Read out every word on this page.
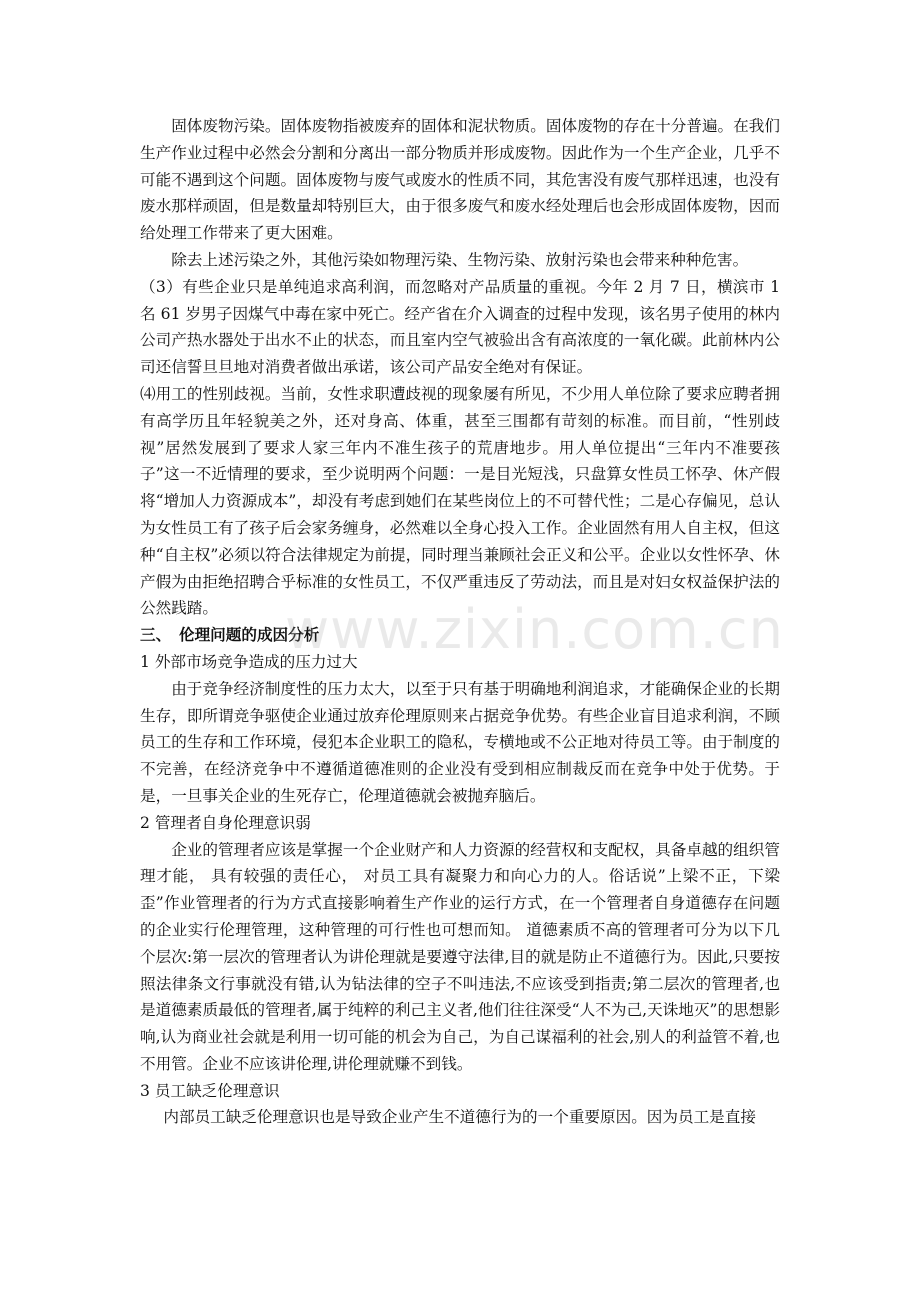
固体废物污染。固体废物指被废弃的固体和泥状物质。固体废物的存在十分普遍。在我们生产作业过程中必然会分割和分离出一部分物质并形成废物。因此作为一个生产企业，几乎不可能不遇到这个问题。固体废物与废气或废水的性质不同，其危害没有废气那样迅速，也没有废水那样顽固，但是数量却特别巨大，由于很多废气和废水经处理后也会形成固体废物，因而给处理工作带来了更大困难。

除去上述污染之外，其他污染如物理污染、生物污染、放射污染也会带来种种危害。

（3）有些企业只是单纯追求高利润，而忽略对产品质量的重视。今年 2 月 7 日，横滨市 1 名 61 岁男子因煤气中毒在家中死亡。经产省在介入调查的过程中发现，该名男子使用的林内公司产热水器处于出水不止的状态，而且室内空气被验出含有高浓度的一氧化碳。此前林内公司还信誓旦旦地对消费者做出承诺，该公司产品安全绝对有保证。

⑷用工的性别歧视。当前，女性求职遭歧视的现象屡有所见，不少用人单位除了要求应聘者拥有高学历且年轻貌美之外，还对身高、体重，甚至三围都有苛刻的标准。而目前，“性别歧视”居然发展到了要求人家三年内不准生孩子的荒唐地步。用人单位提出“三年内不准要孩子”这一不近情理的要求，至少说明两个问题：一是目光短浅，只盘算女性员工怀孕、休产假将“增加人力资源成本”，却没有考虑到她们在某些岗位上的不可替代性；二是心存偏见，总认为女性员工有了孩子后会家务缠身，必然难以全身心投入工作。企业固然有用人自主权，但这种“自主权”必须以符合法律规定为前提，同时理当兼顾社会正义和公平。企业以女性怀孕、休产假为由拒绝招聘合乎标准的女性员工，不仅严重违反了劳动法，而且是对妇女权益保护法的公然践踏。

三、　伦理问题的成因分析

1 外部市场竞争造成的压力过大

由于竞争经济制度性的压力太大，以至于只有基于明确地利润追求，才能确保企业的长期生存，即所谓竞争驱使企业通过放弃伦理原则来占据竞争优势。有些企业盲目追求利润，不顾员工的生存和工作环境，侵犯本企业职工的隐私，专横地或不公正地对待员工等。由于制度的不完善，在经济竞争中不遵循道德准则的企业没有受到相应制裁反而在竞争中处于优势。于是，一旦事关企业的生死存亡，伦理道德就会被抛弃脑后。

2 管理者自身伦理意识弱

企业的管理者应该是掌握一个企业财产和人力资源的经营权和支配权，具备卓越的组织管理才能， 具有较强的责任心， 对员工具有凝聚力和向心力的人。俗话说”上梁不正，下梁歪”作业管理者的行为方式直接影响着生产作业的运行方式，在一个管理者自身道德存在问题的企业实行伦理管理，这种管理的可行性也可想而知。 道德素质不高的管理者可分为以下几个层次:第一层次的管理者认为讲伦理就是要遵守法律,目的就是防止不道德行为。因此,只要按照法律条文行事就没有错,认为钻法律的空子不叫违法,不应该受到指责;第二层次的管理者,也是道德素质最低的管理者,属于纯粹的利己主义者,他们往往深受“人不为己,天诛地灭”的思想影响,认为商业社会就是利用一切可能的机会为自己，为自己谋福利的社会,别人的利益管不着,也不用管。企业不应该讲伦理,讲伦理就赚不到钱。

3 员工缺乏伦理意识

内部员工缺乏伦理意识也是导致企业产生不道德行为的一个重要原因。因为员工是直接

www.zixin.com.cn
